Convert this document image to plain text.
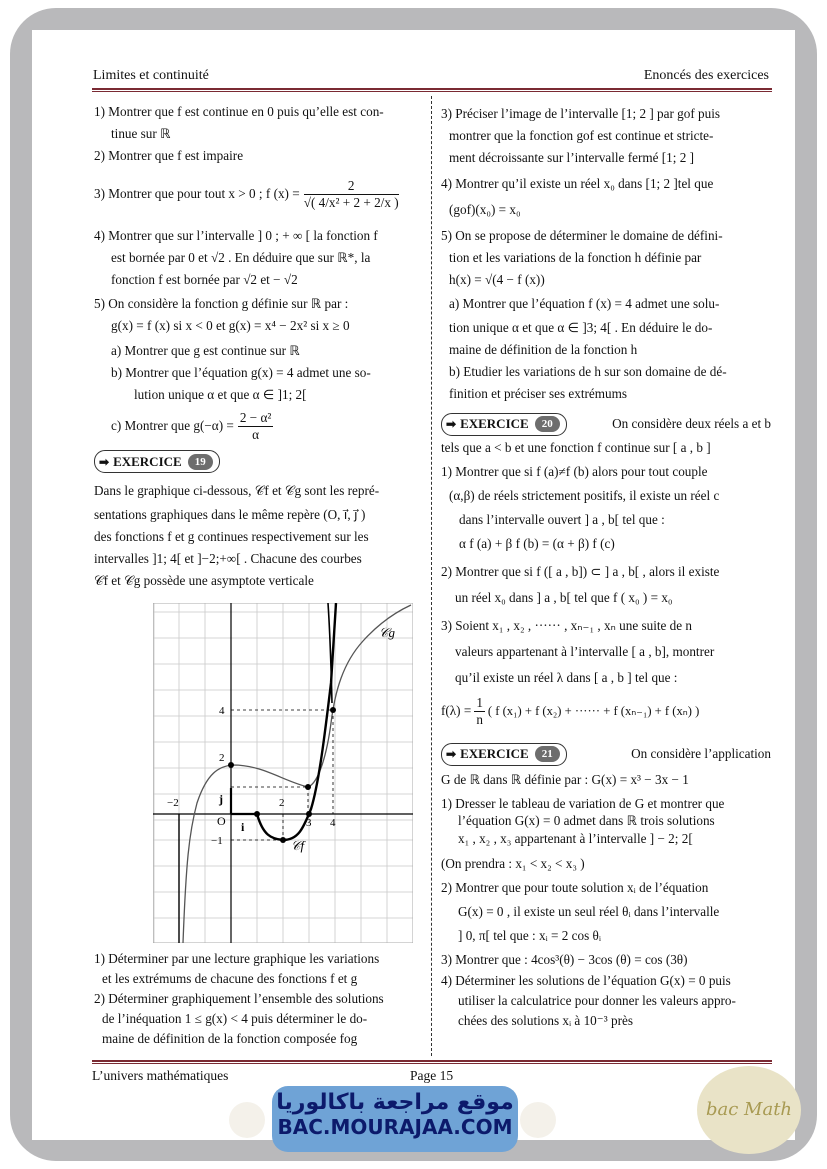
Limites et continuité	Enoncés des exercices

1) Montrer que f est continue en 0 puis qu’elle est con-

tinue sur ℝ

2) Montrer que f est impaire

3) Montrer que pour tout x > 0 ; f $(x) = \frac{2}{\text{√( 4/x² + 2 + 2/x )}}$

4) Montrer que sur l’intervalle ] 0 ; + ∞ [ la fonction f

est bornée par 0 et √2 . En déduire que sur ℝ*, la

fonction f est bornée par √2 et − √2

5) On considère la fonction g définie sur ℝ par :

g(x) = f (x) si x < 0 et g(x) = x⁴ − 2x² si x ≥ 0

a) Montrer que g est continue sur ℝ

b) Montrer que l’équation g(x) = 4 admet une so-

lution unique α et que α ∈ ]1; 2[

c) Montrer que $g(-\alpha) = \frac{\text{2 − α²}}{\alpha}$
➡ EXERCICE	19

Dans le graphique ci-dessous, 𝒞f et 𝒞g sont les repré-

sentations graphiques dans le même repère (O, i⃗, j⃗ )

des fonctions f et g continues respectivement sur les

intervalles ]1; 4[ et ]−2;+∞[ . Chacune des courbes

𝒞f et 𝒞g possède une asymptote verticale

𝒞g
𝒞f
O i
j
−2	2
3 4
4
2
−1

1) Déterminer par une lecture graphique les variations

et les extrémums de chacune des fonctions f et g

2) Déterminer graphiquement l’ensemble des solutions

de l’inéquation 1 ≤ g(x) < 4 puis déterminer le do-

maine de définition de la fonction composée fog

3) Préciser l’image de l’intervalle [1; 2 ] par gof puis

montrer que la fonction gof est continue et stricte-

ment décroissante sur l’intervalle fermé [1; 2 ]

4) Montrer qu’il existe un réel x₀ dans [1; 2 ]tel que

(gof)(x₀) = x₀

5) On se propose de déterminer le domaine de défini-

tion et les variations de la fonction h définie par

h(x) = √(4 − f (x))

a) Montrer que l’équation f (x) = 4 admet une solu-

tion unique α et que α ∈ ]3; 4[ . En déduire le do-

maine de définition de la fonction h

b) Etudier les variations de h sur son domaine de dé-

finition et préciser ses extrémums

➡ EXERCICE	20	On considère deux réels a et b

tels que a < b et une fonction f continue sur [ a , b ]

1) Montrer que si f (a)≠f (b) alors pour tout couple

(α,β) de réels strictement positifs, il existe un réel c

dans l’intervalle ouvert ] a , b[ tel que :

α f (a) + β f (b) = (α + β) f (c)

2) Montrer que si f ([ a , b]) ⊂ ] a , b[ , alors il existe

un réel x₀ dans ] a , b[ tel que f ( x₀ ) = x₀

3) Soient x₁ , x₂ , ······ , xₙ₋₁ , xₙ une suite de n

valeurs appartenant à l’intervalle [ a , b], montrer

qu’il existe un réel λ dans [ a , b ] tel que :

$f(\lambda) = \frac{1}{n}$ ( f (x₁) + f (x₂) + ······ + f (xₙ₋₁) + f (xₙ) )
➡ EXERCICE	21	On considère l’application

G de ℝ dans ℝ définie par : G(x) = x³ − 3x − 1

1) Dresser le tableau de variation de G et montrer que

l’équation G(x) = 0 admet dans ℝ trois solutions

x₁ , x₂ , x₃ appartenant à l’intervalle ] − 2; 2[

(On prendra : x₁ < x₂ < x₃ )

2) Montrer que pour toute solution xᵢ de l’équation

G(x) = 0 , il existe un seul réel θᵢ dans l’intervalle

] 0, π[ tel que : xᵢ = 2 cos θᵢ

3) Montrer que : 4cos³(θ) − 3cos (θ) = cos (3θ)

4) Déterminer les solutions de l’équation G(x) = 0 puis

utiliser la calculatrice pour donner les valeurs appro-

chées des solutions xᵢ à 10⁻³ près

L’univers mathématiques	Page 15
موقع مراجعة باكالوريا
BAC.MOURAJAA.COM
bac Math
